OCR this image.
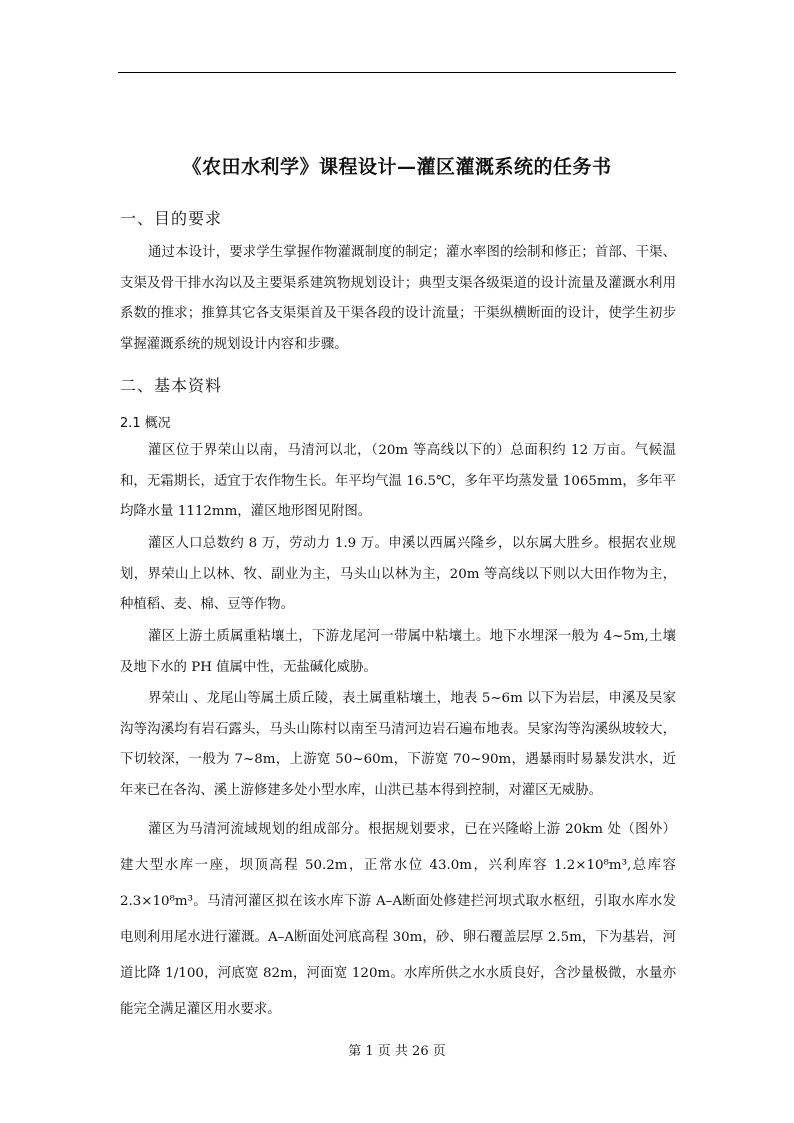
《农田水利学》课程设计—灌区灌溉系统的任务书
一、目的要求
通过本设计，要求学生掌握作物灌溉制度的制定；灌水率图的绘制和修正；首部、干渠、支渠及骨干排水沟以及主要渠系建筑物规划设计；典型支渠各级渠道的设计流量及灌溉水利用系数的推求；推算其它各支渠渠首及干渠各段的设计流量；干渠纵横断面的设计，使学生初步掌握灌溉系统的规划设计内容和步骤。
二、基本资料
2.1 概况
灌区位于界荣山以南，马清河以北，（20m 等高线以下的）总面积约 12 万亩。气候温和，无霜期长，适宜于农作物生长。年平均气温 16.5℃，多年平均蒸发量 1065mm，多年平均降水量 1112mm，灌区地形图见附图。
灌区人口总数约 8 万，劳动力 1.9 万。申溪以西属兴隆乡，以东属大胜乡。根据农业规划，界荣山上以林、牧、副业为主，马头山以林为主，20m 等高线以下则以大田作物为主，种植稻、麦、棉、豆等作物。
灌区上游土质属重粘壤土，下游龙尾河一带属中粘壤土。地下水埋深一般为 4~5m,土壤及地下水的 PH 值属中性，无盐碱化威胁。
界荣山 、龙尾山等属土质丘陵，表土属重粘壤土，地表 5~6m 以下为岩层，申溪及吴家沟等沟溪均有岩石露头，马头山陈村以南至马清河边岩石遍布地表。吴家沟等沟溪纵坡较大，下切较深，一般为 7~8m，上游宽 50~60m，下游宽 70~90m，遇暴雨时易暴发洪水，近年来已在各沟、溪上游修建多处小型水库，山洪已基本得到控制，对灌区无威胁。
灌区为马清河流域规划的组成部分。根据规划要求，已在兴隆峪上游 20km 处（图外）建大型水库一座，坝顶高程 50.2m，正常水位 43.0m，兴利库容 1.2×10⁸m³,总库容 2.3×10⁸m³。马清河灌区拟在该水库下游 A–A断面处修建拦河坝式取水枢纽，引取水库水发电则利用尾水进行灌溉。A–A断面处河底高程 30m，砂、卵石覆盖层厚 2.5m，下为基岩，河道比降 1/100，河底宽 82m，河面宽 120m。水库所供之水水质良好，含沙量极微，水量亦能完全满足灌区用水要求。
第 1 页 共 26 页
